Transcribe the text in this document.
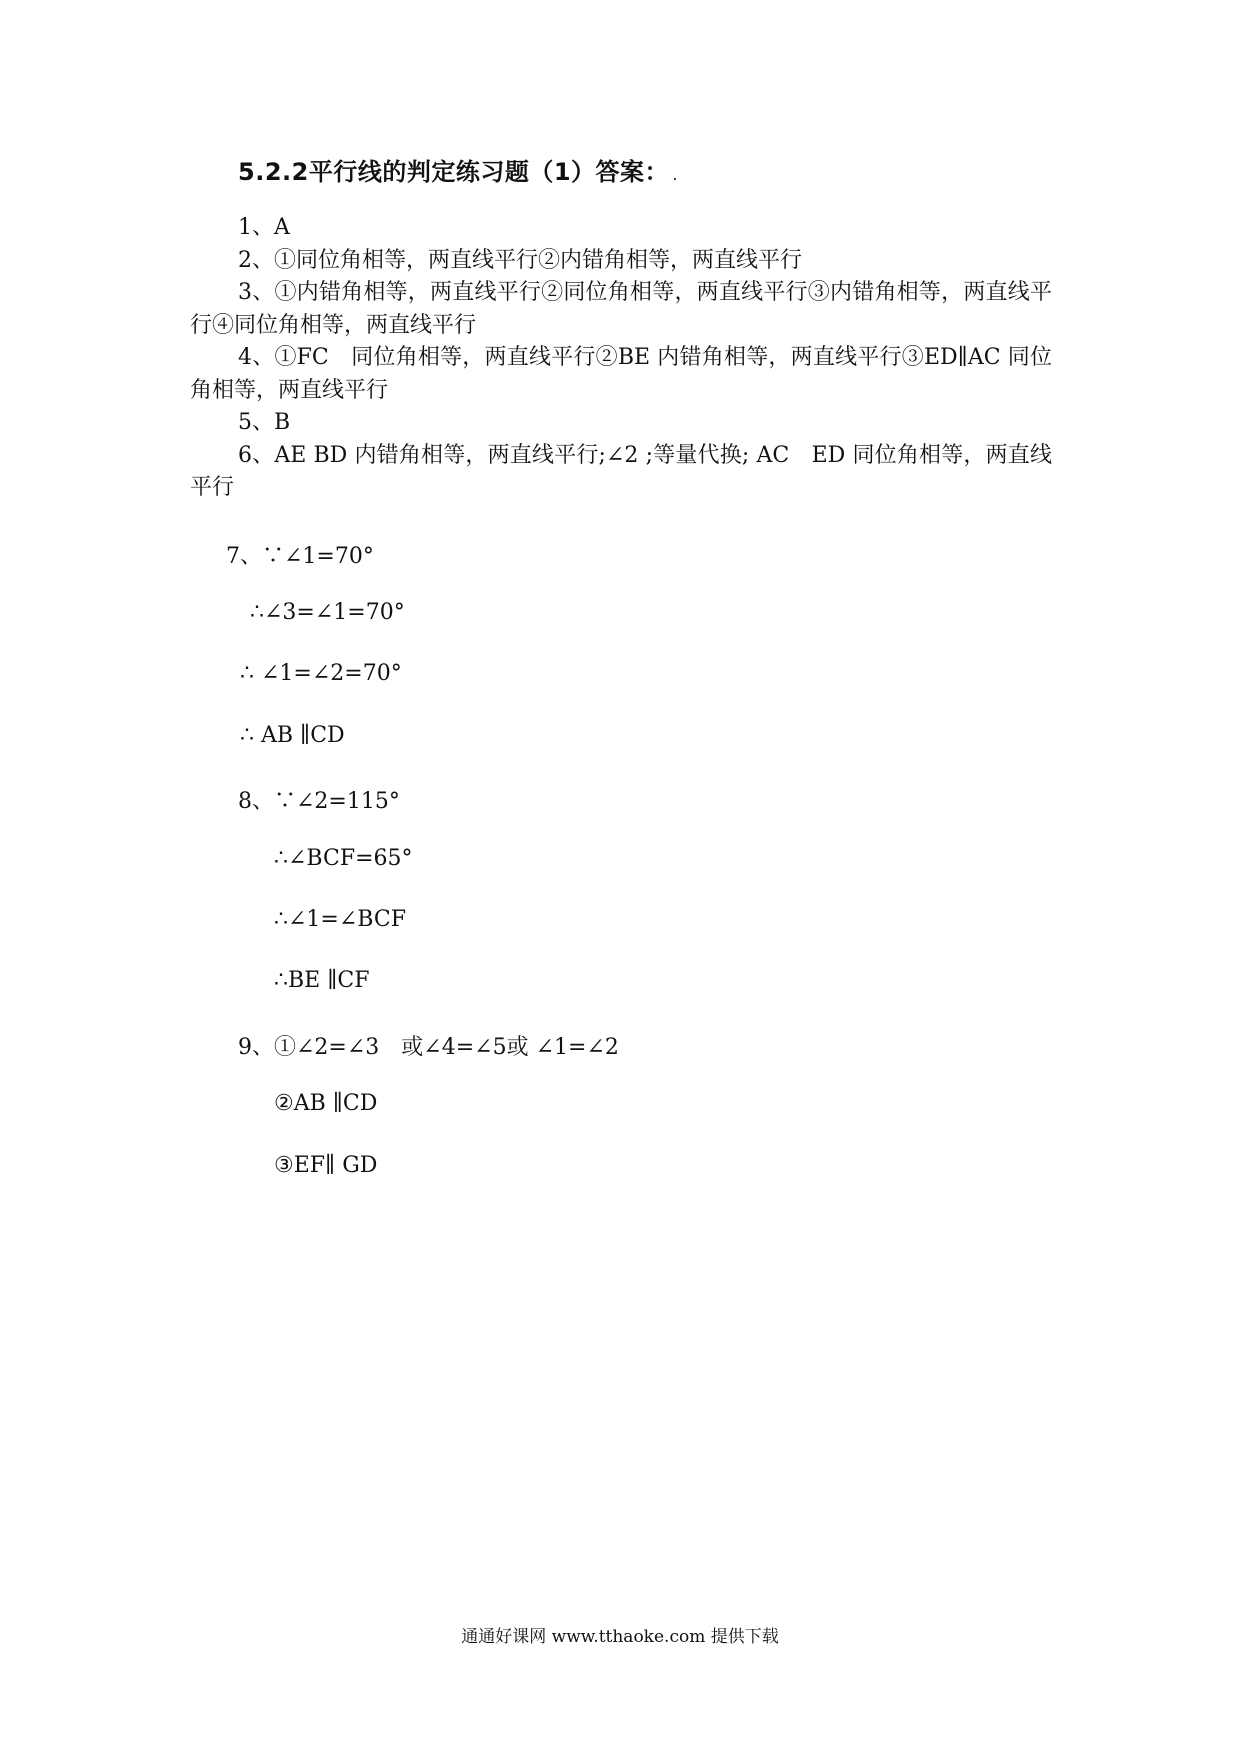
5.2.2平行线的判定练习题（1）答案： .

1、A

2、①同位角相等，两直线平行②内错角相等，两直线平行

3、①内错角相等，两直线平行②同位角相等，两直线平行③内错角相等，两直线平行④同位角相等，两直线平行

4、①FC　同位角相等，两直线平行②BE 内错角相等，两直线平行③ED∥AC 同位角相等，两直线平行

5、B

6、AE BD 内错角相等，两直线平行;∠2 ;等量代换; AC　ED 同位角相等，两直线平行

7、∵∠1=70°
∴∠3=∠1=70°
∴ ∠1=∠2=70°
∴ AB ∥CD
8、∵∠2=115°
∴∠BCF=65°
∴∠1=∠BCF
∴BE ∥CF
9、①∠2=∠3　或∠4=∠5或 ∠1=∠2
②AB ∥CD
③EF∥ GD
通通好课网 www.tthaoke.com 提供下载
